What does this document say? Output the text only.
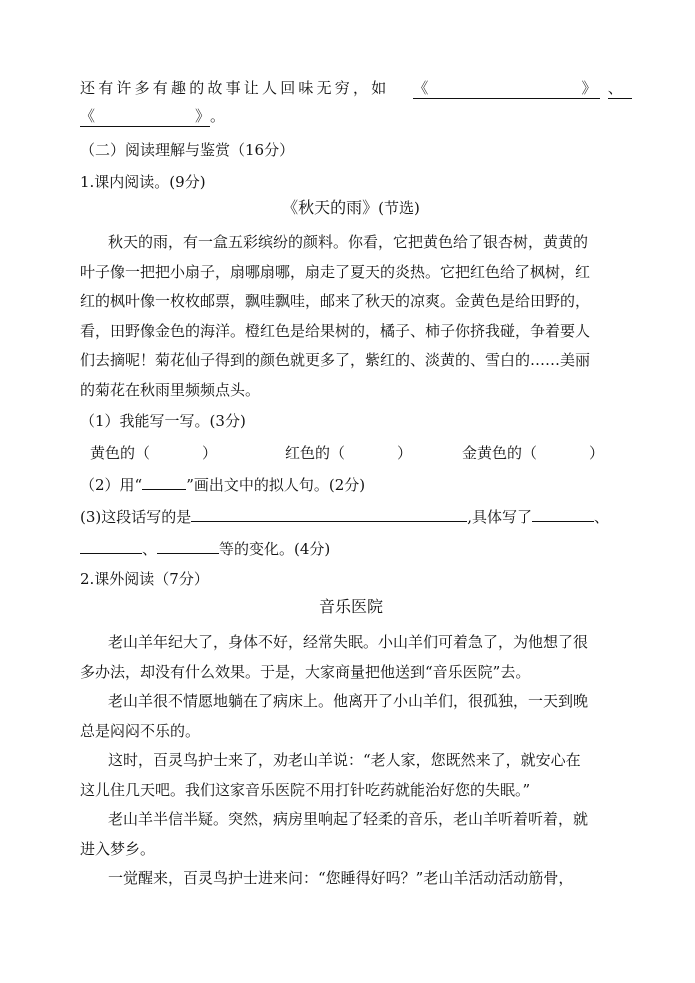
还有许多有趣的故事让人回味无穷，如 《	》 、
《	》。
（二）阅读理解与鉴赏（16分）
1.课内阅读。(9分)
《秋天的雨》(节选)
秋天的雨，有一盒五彩缤纷的颜料。你看，它把黄色给了银杏树，黄黄的
叶子像一把把小扇子，扇哪扇哪，扇走了夏天的炎热。它把红色给了枫树，红
红的枫叶像一枚枚邮票，飘哇飘哇，邮来了秋天的凉爽。金黄色是给田野的，
看，田野像金色的海洋。橙红色是给果树的，橘子、柿子你挤我碰，争着要人
们去摘呢！菊花仙子得到的颜色就更多了，紫红的、淡黄的、雪白的……美丽
的菊花在秋雨里频频点头。
（1）我能写一写。(3分)
黄色的（	）	红色的（	）	金黄色的（	）
（2）用“	”画出文中的拟人句。(2分)
(3)这段话写的是	,具体写了	、
、	等的变化。(4分)
2.课外阅读（7分）
音乐医院
老山羊年纪大了，身体不好，经常失眠。小山羊们可着急了，为他想了很
多办法，却没有什么效果。于是，大家商量把他送到“音乐医院”去。
老山羊很不情愿地躺在了病床上。他离开了小山羊们，很孤独，一天到晚
总是闷闷不乐的。
这时，百灵鸟护士来了，劝老山羊说：“老人家，您既然来了，就安心在
这儿住几天吧。我们这家音乐医院不用打针吃药就能治好您的失眠。”
老山羊半信半疑。突然，病房里响起了轻柔的音乐，老山羊听着听着，就
进入梦乡。
一觉醒来，百灵鸟护士进来问：“您睡得好吗？”老山羊活动活动筋骨，
